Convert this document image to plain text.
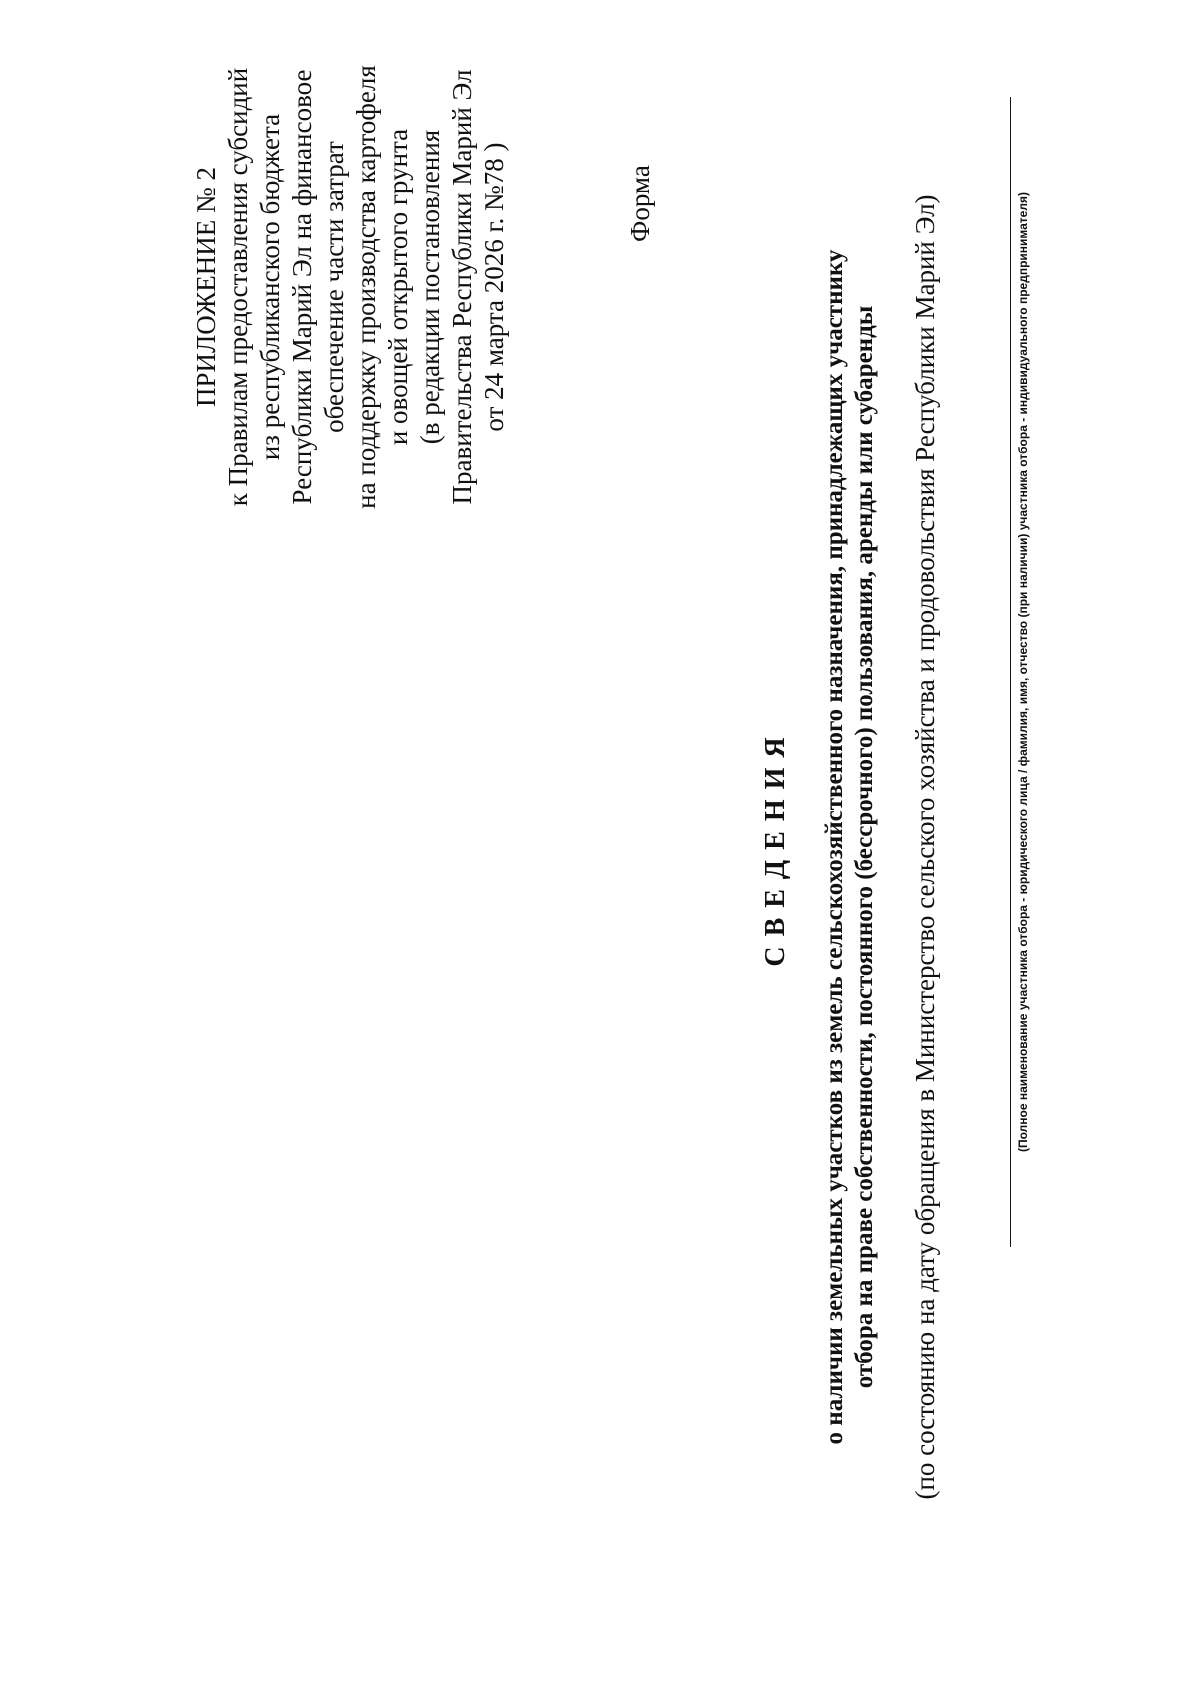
ПРИЛОЖЕНИЕ № 2 к Правилам предоставления субсидий из республиканского бюджета Республики Марий Эл на финансовое обеспечение части затрат на поддержку производства картофеля и овощей открытого грунта (в редакции постановления Правительства Республики Марий Эл от 24 марта 2026 г. №78 )	Форма
СВЕДЕНИЯ о наличии земельных участков из земель сельскохозяйственного назначения, принадлежащих участнику отбора на праве собственности, постоянного (бессрочного) пользования, аренды или субаренды (по состоянию на дату обращения в Министерство сельского хозяйства и продовольствия Республики Марий Эл)	(Полное наименование участника отбора - юридического лица / фамилия, имя, отчество (при наличии) участника отбора - индивидуального предпринимателя)
